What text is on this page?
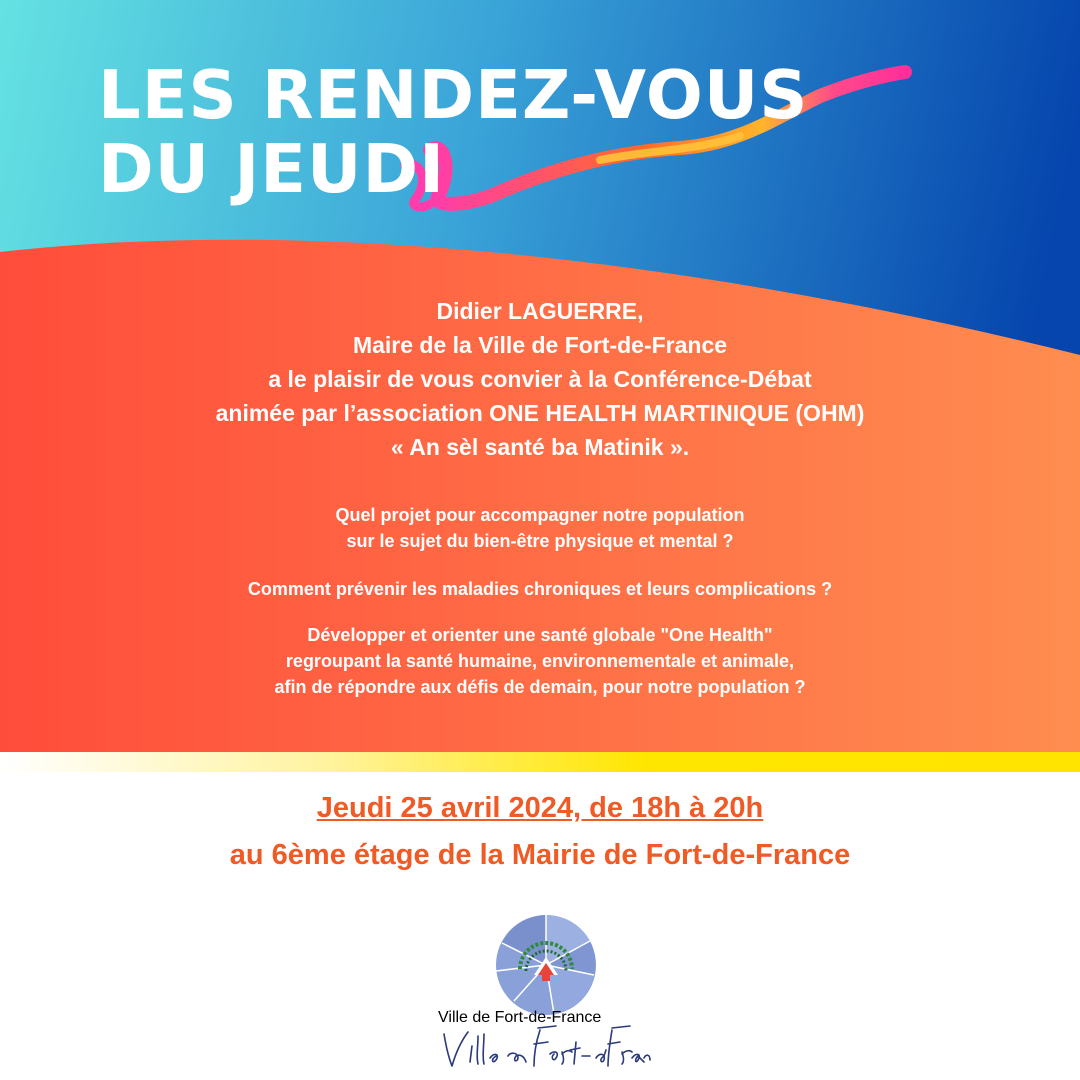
LES RENDEZ-VOUS
DU JEUDI
Didier LAGUERRE,
Maire de la Ville de Fort-de-France
a le plaisir de vous convier à la Conférence-Débat
animée par l’association ONE HEALTH MARTINIQUE (OHM)
« An sèl santé ba Matinik ».
Quel projet pour accompagner notre population
sur le sujet du bien-être physique et mental ?
Comment prévenir les maladies chroniques et leurs complications ?
Développer et orienter une santé globale "One Health"
regroupant la santé humaine, environnementale et animale,
afin de répondre aux défis de demain, pour notre population ?
Jeudi 25 avril 2024, de 18h à 20h
au 6ème étage de la Mairie de Fort-de-France
Ville de Fort-de-France
